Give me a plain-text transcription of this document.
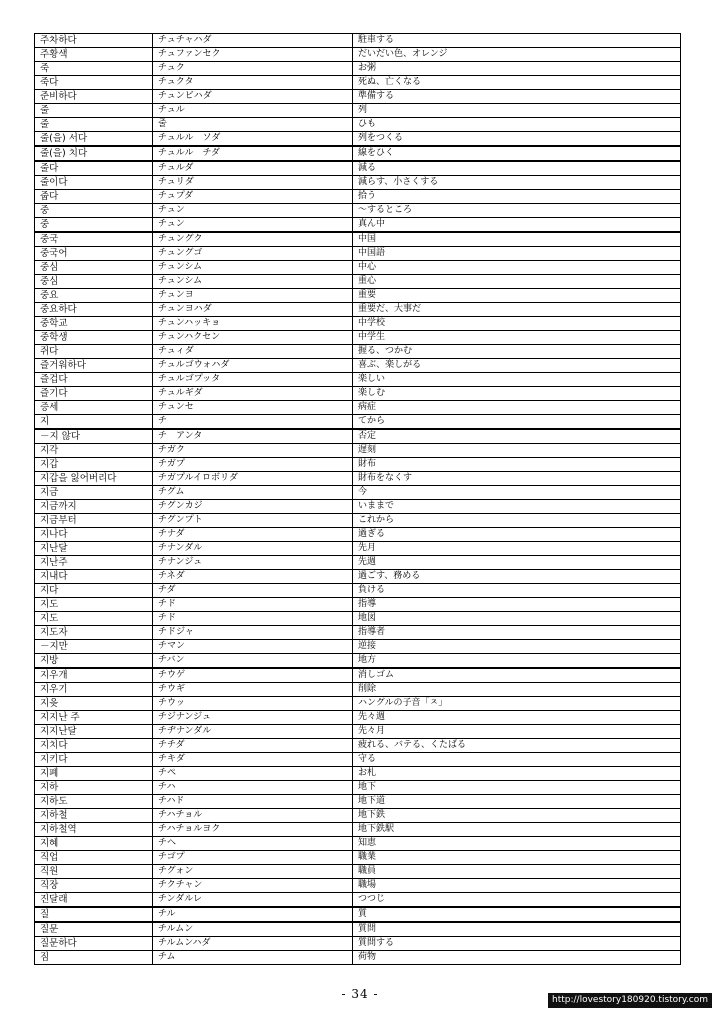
주차하다	チュチャハダ	駐車する
주황색	チュファンセク	だいだい色、オレンジ
죽	チュク	お粥
죽다	チュクタ	死ぬ、亡くなる
준비하다	チュンビハダ	準備する
줄	チュル	列
줄	줄	ひも
줄(을) 서다	チュルル　ソダ	列をつくる
줄(을) 치다	チュルル　チダ	線をひく
줄다	チュルダ	減る
줄이다	チュリダ	減らす、小さくする
줍다	チュプダ	拾う
중	チュン	～するところ
중	チュン	真ん中
중국	チュングク	中国
중국어	チュングゴ	中国語
중심	チュンシム	中心
중심	チュンシム	重心
중요	チュンヨ	重要
중요하다	チュンヨハダ	重要だ、大事だ
중학교	チュンハッキョ	中学校
중학생	チュンハクセン	中学生
쥐다	チュィダ	握る、つかむ
즐거워하다	チュルゴウォハダ	喜ぶ、楽しがる
즐겁다	チュルゴプッタ	楽しい
즐기다	チュルギダ	楽しむ
증세	チュンセ	病症
지	チ	てから
－지 않다	チ　アンタ	否定
지각	チガク	遅刻
지갑	チガプ	財布
지갑을 잃어버리다	チガプルイロボリダ	財布をなくす
지금	チグム	今
지금까지	チグンカジ	いままで
지금부터	チグンプト	これから
지나다	チナダ	過ぎる
지난달	チナンダル	先月
지난주	チナンジュ	先週
지내다	チネダ	過ごす、務める
지다	チダ	負ける
지도	チド	指導
지도	チド	地図
지도자	チドジャ	指導者
－지만	チマン	逆接
지방	チバン	地方
지우개	チウゲ	消しゴム
지우기	チウギ	削除
지읒	チウッ	ハングルの子音「ㅈ」
지지난 주	チジナンジュ	先々週
지지난달	チヂナンダル	先々月
지치다	チチダ	疲れる、バテる、くたばる
지키다	チキダ	守る
지폐	チペ	お札
지하	チハ	地下
지하도	チハド	地下道
지하철	チハチョル	地下鉄
지하철역	チハチョルヨク	地下鉄駅
지혜	チヘ	知恵
직업	チゴプ	職業
직원	チグォン	職員
직장	チクチャン	職場
진달래	チンダルレ	つつじ
질	チル	質
질문	チルムン	質問
질문하다	チルムンハダ	質問する
짐	チム	荷物
- 34 -	http://lovestory180920.tistory.com
